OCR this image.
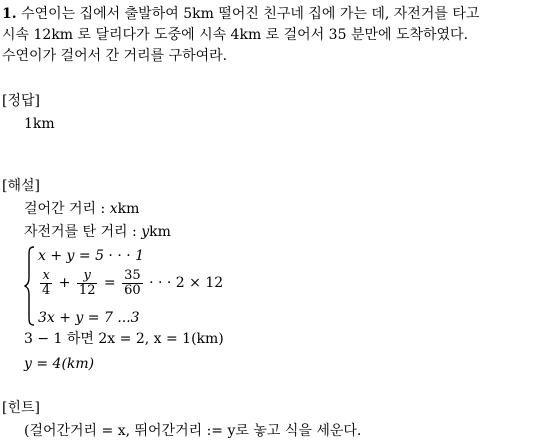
1. 수연이는 집에서 출발하여 5km 떨어진 친구네 집에 가는 데, 자전거를 타고
시속 12km 로 달리다가 도중에 시속 4km 로 걸어서 35 분만에 도착하였다.
수연이가 걸어서 간 거리를 구하여라.
[정답]
1km
[해설]
걸어간 거리 : xkm
자전거를 탄 거리 : ykm
x + y = 5 · · · 1
$\frac{x}{4} + \frac{y}{12} = \frac{35}{60}$ · · · 2 × 12
3x + y = 7 ...3
3 − 1 하면 2x = 2, x = 1(km)
y = 4(km)
[힌트]
(걸어간거리 = x, 뛰어간거리 := y로 놓고 식을 세운다.
